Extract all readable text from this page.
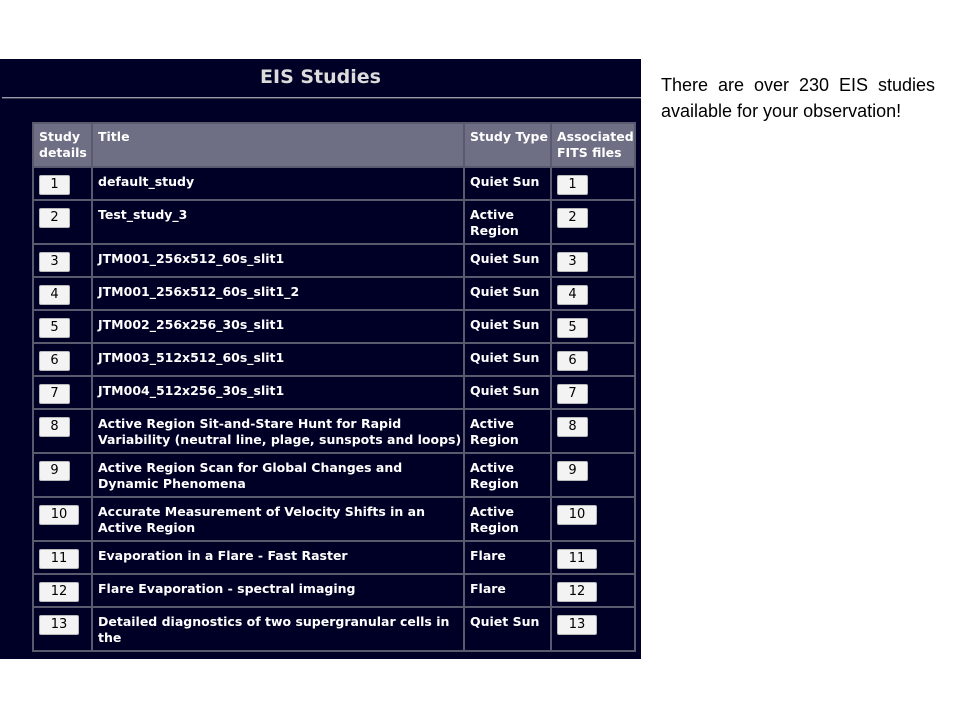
EIS Studies
Study details	Title	Study Type	Associated FITS files
1	default_study	Quiet Sun	1
2	Test_study_3	Active Region	2
3	JTM001_256x512_60s_slit1	Quiet Sun	3
4	JTM001_256x512_60s_slit1_2	Quiet Sun	4
5	JTM002_256x256_30s_slit1	Quiet Sun	5
6	JTM003_512x512_60s_slit1	Quiet Sun	6
7	JTM004_512x256_30s_slit1	Quiet Sun	7
8	Active Region Sit-and-Stare Hunt for Rapid Variability (neutral line, plage, sunspots and loops)	Active Region	8
9	Active Region Scan for Global Changes and Dynamic Phenomena	Active Region	9
10	Accurate Measurement of Velocity Shifts in an Active Region	Active Region	10
11	Evaporation in a Flare - Fast Raster	Flare	11
12	Flare Evaporation - spectral imaging	Flare	12
13	Detailed diagnostics of two supergranular cells in the	Quiet Sun	13
There are over 230 EIS studies available for your observation!
